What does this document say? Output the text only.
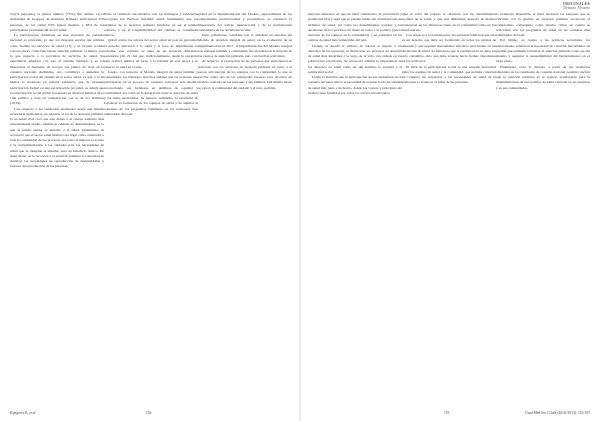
10,5% personas); la menor número (75%). Por último, en la modalidad de Gruppos de Atención Primaria participaron 970 personas, de las cuales 63% fueron mujeres y 38% de los participantes provenían del sector salud.

La participación ciudadana en este escenario de consulta nacional es relevante, ya que los mayores escalas que utilizan como medida los servicios de salud (17), y en el país, podían conocer mejor cómo funcionaba atención primaria, al menos, con lo que respecta a la provisión de servicios de salud. Su experiencia empírica con toro el sistema sanitario y su rol importante al momento de recoger sus puntos de vista en la consulta nacional. Asimismo, otro contribuyó a aumentar la participación social del sistema en el sector salud, ya que, y la de hemos lo mostrado en nuestra evidencia que de cuarenta participación formal en esta perticipación (el salud, es salud) que la participación social global frecuencia en diversos ámbitos de la vida pública y baja en comparación con la de los hombres (18,19).

Con respecto a los resultados analizados desde una mirada secundaria tipificamos, en relación al rol de la atención primaria, la sociedad civil creó que este deben o el cuerpo sanitario más estrechamente aludió, además se cuidado no determinantes, es lo que se puede ayudar al derecho a la salud. Igualmente, se reconoció que el sector salud mantuvo un lugar como orientador a toda la continuidad de los procesos, así como el mejorar el acceso y la complementación a los cuidados para las necesidades de salud que se cumplan la sistema, para un beneficio clínico. De igual modo, se le reconoce a la atención primaria la capacidad de dosificar las necesidades de reproducción de desigualdades y factores de reproducción de las personas.

Entre el resultado encontramos con los hallazgos y evidencias recogidas por Barbara Starfield, quien fundamentó que los atributos de la atención primaria fundados en ser el primer contacto y en la longitudinalidad del cuidado se consideran nuevos.

global contra los actores del sector salud en post de garantizar el derecho universal a la salud y la hora de implementar la reforma, este contexto se situó en un aparecen diferentes escenarios (20, 21, Asi que, tradicionalmente, desde la categoría para política pública en torno a la reforma en esta época y se observó la salud en el país.

Luego, con respecto al Modelo integral de salud familiar y comunitaria, los hallazgos descritos señalan que las personas que participaron en el proceso de consulta valoraron este modelo reconociendo sus fortalezas en términos de equidad y continuidad, así como en la integración entre la atención de salud y las redes territoriales. Se destacó, asimismo, la necesidad de fortalecer la formación de los equipos de salud y de ampliar la cobertura de los programas familiares en los territorios más vulnerables del país.

global en la implementación del Modelo, especialmente en los componentes promocionales y preventivos, se consideró la importancia del trabajo intersectorial y de la participación comunitaria en las decisiones locales.

Estas reflexiones coinciden con lo señalado en estudios del Modelo de atención integral de salud, en la evaluación de su implementación en 2017, la Implementación del Modelo integral con enfoque familiar y comunitario fue abordada en la mayoría de los centros de atención primaria, pero con brechas relevantes.

Al respecto, la percepción de las personas que participaron se relaciona con los servicios de atención primaria en torno a la escasa articulación de los equipos con la comunidad, lo que se percibe como una de las principales barreras para alcanzar un modelo centrado en las personas y sus familias. Del mismo modo se valoró la continuidad del cuidado y el trato recibido.

Espigares R, et al.	154
ORIGINALES
Demuro Alvarez

mayores esfuerzos en que en nivel cuantitativo de prevención y promoción (25) y aquí que se pueden medir sus contribuciones en términos de salud, así como los determinantes sociales y las decisiones de los servicios de salud en torno a la política (que la atención de los equipos en la comunidad), y en particular en los centros de salud más vulnerables del país.

Cuando se abordó el atributo de valores el respeto a los derechos de las personas, se destacaron los procesos de atención de salud más integrales a lo largo de la vida, con énfasis en las poblaciones prioritarias. Se reconoció además la importancia de los derechos en salud como eje del sistema, la equidad y la solidaridad social.

Llama la atención que la participación de los ciudadanos en la consulta nacional relevó la necesidad de avanzar hacia un sistema de salud más justo e inclusivo, donde los valores y principios del modelo sean asumidos por todos los actores involucrados.

Qué el valor del respeto se relaciona con los determinantes sociales de la salud, y que esta dimensión apareció de manera transversal en los discursos, tanto en la comunidad como en los funcionarios.

Con respecto a la participación, las personas señalaron que esta es un derecho que debe ser fortalecido en todos los niveles de atención y que requiere mecanismos efectivos para incidir en las decisiones de salud. Se menciona que la participación no debe ser solo consultiva, sino que debe avanzar hacia formas vinculantes en los territorios.

El ideal de la participación social es una relación horizontal entre los equipos de salud y la comunidad, que permita construir en conjunto las respuestas a las necesidades de salud de la población y reconocer el saber de las personas.

la evidencia disponible. A nivel nacional, las personas que se vinculan con la gestión en atención primaria reconocen el compromiso comunitario como desafío crítico en cuanto se relacionan con los programas de salud en las comunas más vulnerables del país.

Por último, en cuanto a las políticas sectoriales, los entrevistados señalaron la necesidad de construir mecanismos de gestión que permitan fortalecer la atención primaria como eje del sistema y asegurar la sustentabilidad del financiamiento en el largo plazo.

Finalmente, todo lo descrito a partir de los resultados obtenidos en los resultados de consulta nacional permite concluir que la atención primaria es el espacio privilegiado para la implementación de una política de salud centrada en las personas y en sus comunidades.

155	Cuad Méd Soc (Chile) 2018, 58 (3): 153-167
